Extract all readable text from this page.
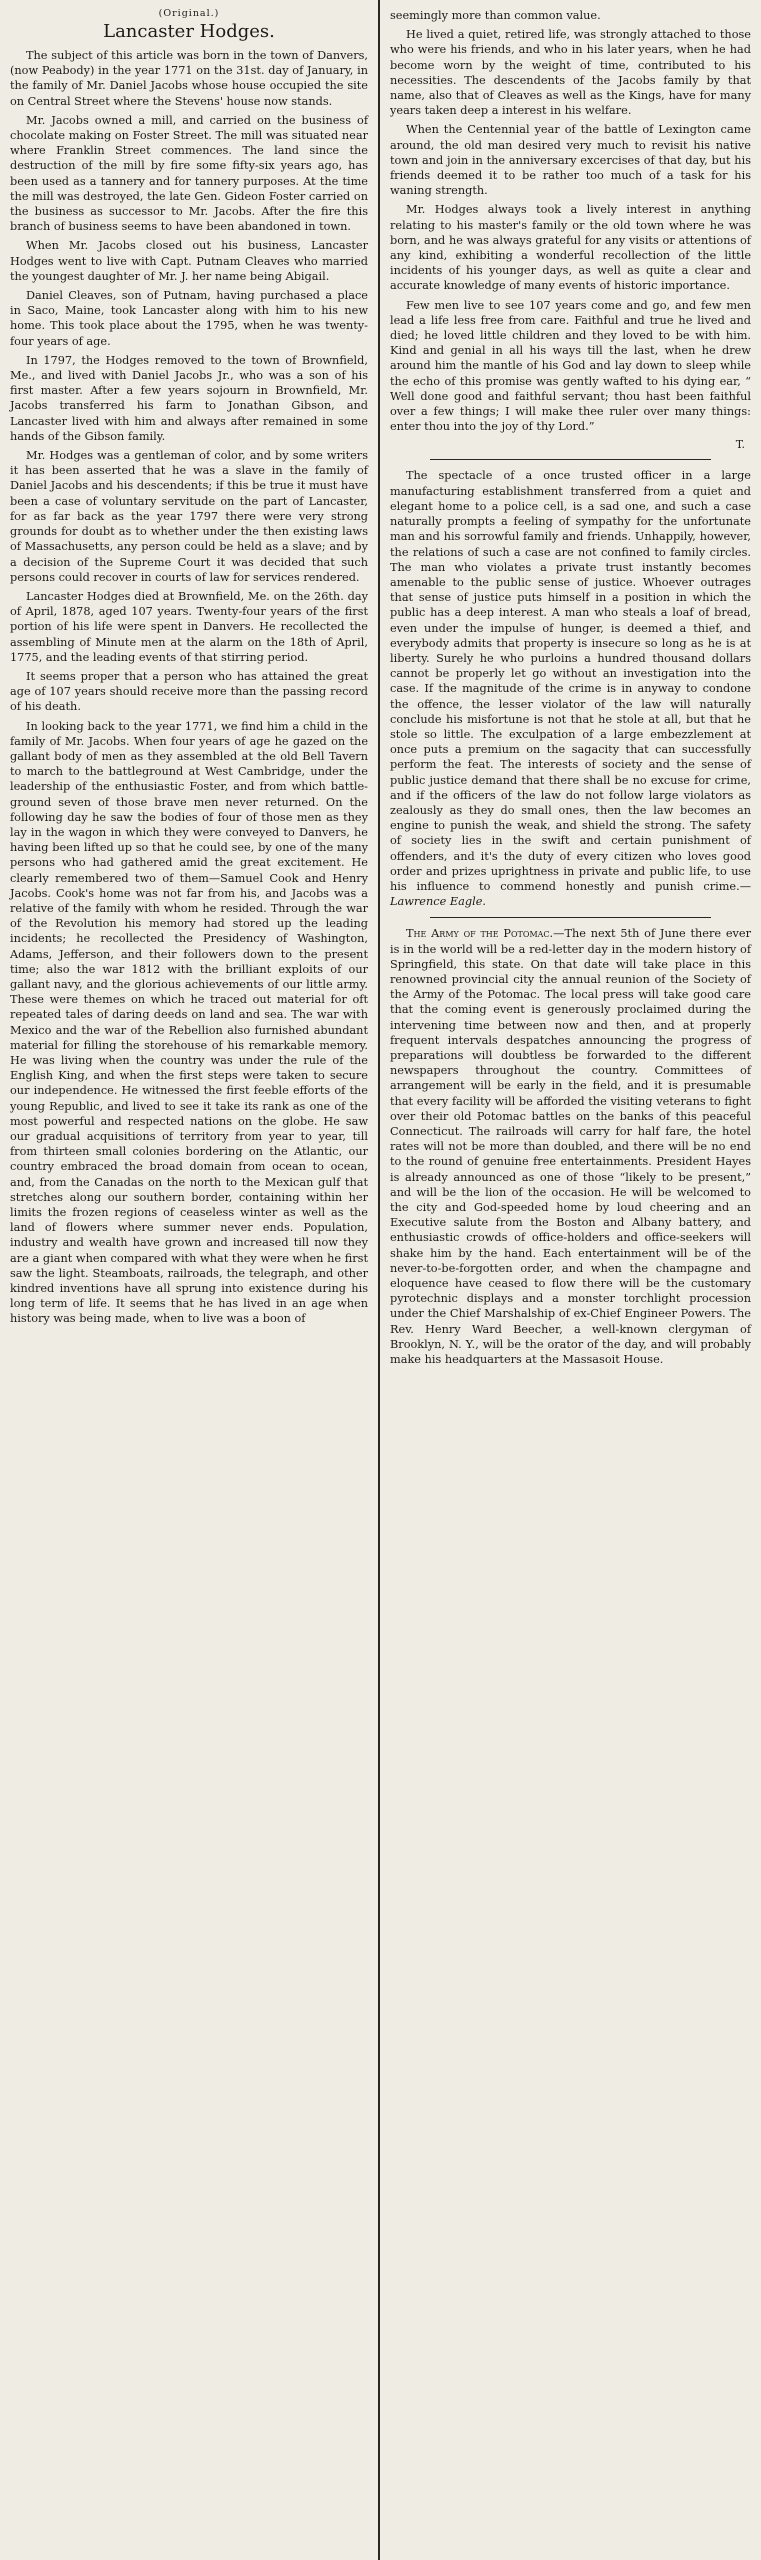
(Original.)
Lancaster Hodges.

The subject of this article was born in the town of Danvers, (now Peabody) in the year 1771 on the 31st. day of January, in the family of Mr. Daniel Jacobs whose house occupied the site on Central Street where the Stevens' house now stands.

Mr. Jacobs owned a mill, and carried on the business of chocolate making on Foster Street. The mill was situated near where Franklin Street commences. The land since the destruction of the mill by fire some fifty-six years ago, has been used as a tannery and for tannery purposes. At the time the mill was destroyed, the late Gen. Gideon Foster carried on the business as successor to Mr. Jacobs. After the fire this branch of business seems to have been abandoned in town.

When Mr. Jacobs closed out his business, Lancaster Hodges went to live with Capt. Putnam Cleaves who married the youngest daughter of Mr. J. her name being Abigail.

Daniel Cleaves, son of Putnam, having purchased a place in Saco, Maine, took Lancaster along with him to his new home. This took place about the 1795, when he was twenty-four years of age.

In 1797, the Hodges removed to the town of Brownfield, Me., and lived with Daniel Jacobs Jr., who was a son of his first master. After a few years sojourn in Brownfield, Mr. Jacobs transferred his farm to Jonathan Gibson, and Lancaster lived with him and always after remained in some hands of the Gibson family.

Mr. Hodges was a gentleman of color, and by some writers it has been asserted that he was a slave in the family of Daniel Jacobs and his descendents; if this be true it must have been a case of voluntary servitude on the part of Lancaster, for as far back as the year 1797 there were very strong grounds for doubt as to whether under the then existing laws of Massachusetts, any person could be held as a slave; and by a decision of the Supreme Court it was decided that such persons could recover in courts of law for services rendered.

Lancaster Hodges died at Brownfield, Me. on the 26th. day of April, 1878, aged 107 years. Twenty-four years of the first portion of his life were spent in Danvers. He recollected the assembling of Minute men at the alarm on the 18th of April, 1775, and the leading events of that stirring period.

It seems proper that a person who has attained the great age of 107 years should receive more than the passing record of his death.

In looking back to the year 1771, we find him a child in the family of Mr. Jacobs. When four years of age he gazed on the gallant body of men as they assembled at the old Bell Tavern to march to the battleground at West Cambridge, under the leadership of the enthusiastic Foster, and from which battle-ground seven of those brave men never returned. On the following day he saw the bodies of four of those men as they lay in the wagon in which they were conveyed to Danvers, he having been lifted up so that he could see, by one of the many persons who had gathered amid the great excitement. He clearly remembered two of them—Samuel Cook and Henry Jacobs. Cook's home was not far from his, and Jacobs was a relative of the family with whom he resided. Through the war of the Revolution his memory had stored up the leading incidents; he recollected the Presidency of Washington, Adams, Jefferson, and their followers down to the present time; also the war 1812 with the brilliant exploits of our gallant navy, and the glorious achievements of our little army. These were themes on which he traced out material for oft repeated tales of daring deeds on land and sea. The war with Mexico and the war of the Rebellion also furnished abundant material for filling the storehouse of his remarkable memory. He was living when the country was under the rule of the English King, and when the first steps were taken to secure our independence. He witnessed the first feeble efforts of the young Republic, and lived to see it take its rank as one of the most powerful and respected nations on the globe. He saw our gradual acquisitions of territory from year to year, till from thirteen small colonies bordering on the Atlantic, our country embraced the broad domain from ocean to ocean, and, from the Canadas on the north to the Mexican gulf that stretches along our southern border, containing within her limits the frozen regions of ceaseless winter as well as the land of flowers where summer never ends. Population, industry and wealth have grown and increased till now they are a giant when compared with what they were when he first saw the light. Steamboats, railroads, the telegraph, and other kindred inventions have all sprung into existence during his long term of life. It seems that he has lived in an age when history was being made, when to live was a boon of

seemingly more than common value.

He lived a quiet, retired life, was strongly attached to those who were his friends, and who in his later years, when he had become worn by the weight of time, contributed to his necessities. The descendents of the Jacobs family by that name, also that of Cleaves as well as the Kings, have for many years taken deep a interest in his welfare.

When the Centennial year of the battle of Lexington came around, the old man desired very much to revisit his native town and join in the anniversary excercises of that day, but his friends deemed it to be rather too much of a task for his waning strength.

Mr. Hodges always took a lively interest in anything relating to his master's family or the old town where he was born, and he was always grateful for any visits or attentions of any kind, exhibiting a wonderful recollection of the little incidents of his younger days, as well as quite a clear and accurate knowledge of many events of historic importance.

Few men live to see 107 years come and go, and few men lead a life less free from care. Faithful and true he lived and died; he loved little children and they loved to be with him. Kind and genial in all his ways till the last, when he drew around him the mantle of his God and lay down to sleep while the echo of this promise was gently wafted to his dying ear, “ Well done good and faithful servant; thou hast been faithful over a few things; I will make thee ruler over many things: enter thou into the joy of thy Lord.”

T.

The spectacle of a once trusted officer in a large manufacturing establishment transferred from a quiet and elegant home to a police cell, is a sad one, and such a case naturally prompts a feeling of sympathy for the unfortunate man and his sorrowful family and friends. Unhappily, however, the relations of such a case are not confined to family circles. The man who violates a private trust instantly becomes amenable to the public sense of justice. Whoever outrages that sense of justice puts himself in a position in which the public has a deep interest. A man who steals a loaf of bread, even under the impulse of hunger, is deemed a thief, and everybody admits that property is insecure so long as he is at liberty. Surely he who purloins a hundred thousand dollars cannot be properly let go without an investigation into the case. If the magnitude of the crime is in anyway to condone the offence, the lesser violator of the law will naturally conclude his misfortune is not that he stole at all, but that he stole so little. The exculpation of a large embezzlement at once puts a premium on the sagacity that can successfully perform the feat. The interests of society and the sense of public justice demand that there shall be no excuse for crime, and if the officers of the law do not follow large violators as zealously as they do small ones, then the law becomes an engine to punish the weak, and shield the strong. The safety of society lies in the swift and certain punishment of offenders, and it's the duty of every citizen who loves good order and prizes uprightness in private and public life, to use his influence to commend honestly and punish crime.—Lawrence Eagle.

The Army of the Potomac.—The next 5th of June there ever is in the world will be a red-letter day in the modern history of Springfield, this state. On that date will take place in this renowned provincial city the annual reunion of the Society of the Army of the Potomac. The local press will take good care that the coming event is generously proclaimed during the intervening time between now and then, and at properly frequent intervals despatches announcing the progress of preparations will doubtless be forwarded to the different newspapers throughout the country. Committees of arrangement will be early in the field, and it is presumable that every facility will be afforded the visiting veterans to fight over their old Potomac battles on the banks of this peaceful Connecticut. The railroads will carry for half fare, the hotel rates will not be more than doubled, and there will be no end to the round of genuine free entertainments. President Hayes is already announced as one of those “likely to be present,” and will be the lion of the occasion. He will be welcomed to the city and God-speeded home by loud cheering and an Executive salute from the Boston and Albany battery, and enthusiastic crowds of office-holders and office-seekers will shake him by the hand. Each entertainment will be of the never-to-be-forgotten order, and when the champagne and eloquence have ceased to flow there will be the customary pyrotechnic displays and a monster torchlight procession under the Chief Marshalship of ex-Chief Engineer Powers. The Rev. Henry Ward Beecher, a well-known clergyman of Brooklyn, N. Y., will be the orator of the day, and will probably make his headquarters at the Massasoit House.
